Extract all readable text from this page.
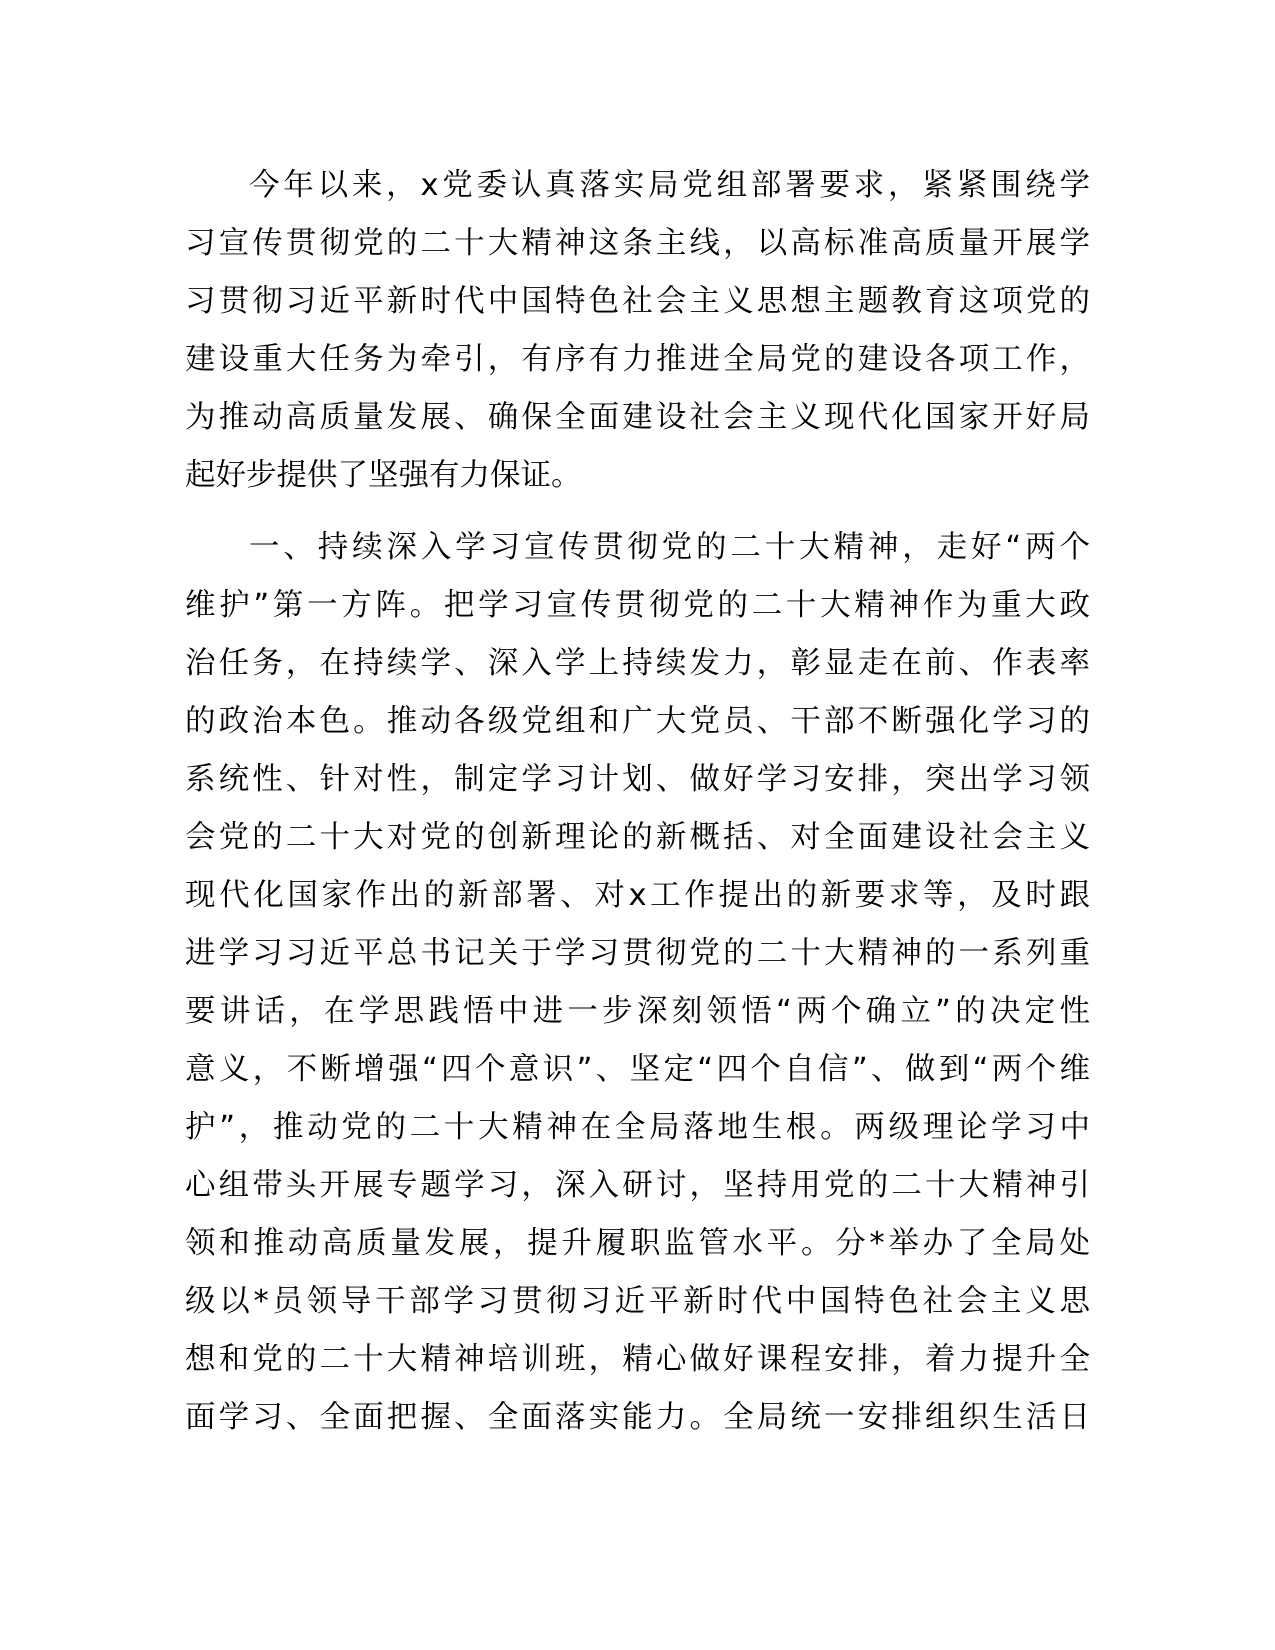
今年以来，x党委认真落实局党组部署要求，紧紧围绕学
习宣传贯彻党的二十大精神这条主线，以高标准高质量开展学
习贯彻习近平新时代中国特色社会主义思想主题教育这项党的
建设重大任务为牵引，有序有力推进全局党的建设各项工作，
为推动高质量发展、确保全面建设社会主义现代化国家开好局
起好步提供了坚强有力保证。
一、持续深入学习宣传贯彻党的二十大精神，走好“两个
维护”第一方阵。把学习宣传贯彻党的二十大精神作为重大政
治任务，在持续学、深入学上持续发力，彰显走在前、作表率
的政治本色。推动各级党组和广大党员、干部不断强化学习的
系统性、针对性，制定学习计划、做好学习安排，突出学习领
会党的二十大对党的创新理论的新概括、对全面建设社会主义
现代化国家作出的新部署、对x工作提出的新要求等，及时跟
进学习习近平总书记关于学习贯彻党的二十大精神的一系列重
要讲话，在学思践悟中进一步深刻领悟“两个确立”的决定性
意义，不断增强“四个意识”、坚定“四个自信”、做到“两个维
护”，推动党的二十大精神在全局落地生根。两级理论学习中
心组带头开展专题学习，深入研讨，坚持用党的二十大精神引
领和推动高质量发展，提升履职监管水平。分*举办了全局处
级以*员领导干部学习贯彻习近平新时代中国特色社会主义思
想和党的二十大精神培训班，精心做好课程安排，着力提升全
面学习、全面把握、全面落实能力。全局统一安排组织生活日
